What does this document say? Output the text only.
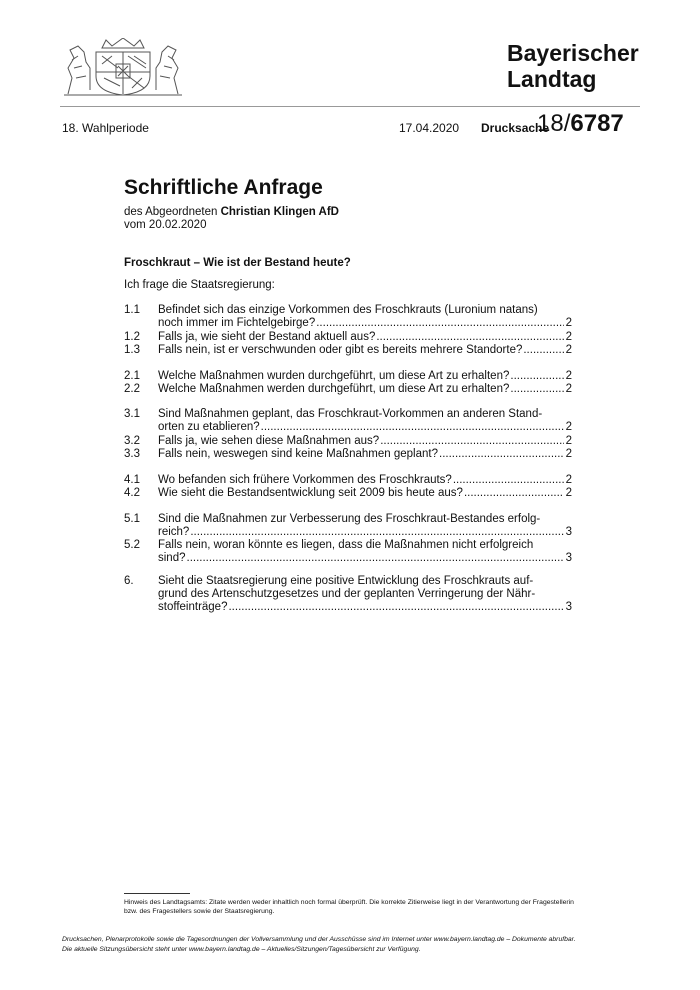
Bayerischer
Landtag
18. Wahlperiode	17.04.2020 Drucksache
18/6787
Schriftliche Anfrage
des Abgeordneten Christian Klingen AfD
vom 20.02.2020
Froschkraut – Wie ist der Bestand heute?
Ich frage die Staatsregierung:
1.1 Befindet sich das einzige Vorkommen des Froschkrauts (Luronium natans)
noch immer im Fichtelgebirge? .....	2
1.2 Falls ja, wie sieht der Bestand aktuell aus? .....	2
1.3 Falls nein, ist er verschwunden oder gibt es bereits mehrere Standorte? .....	2
2.1 Welche Maßnahmen wurden durchgeführt, um diese Art zu erhalten? .....	2
2.2 Welche Maßnahmen werden durchgeführt, um diese Art zu erhalten? .....	2
3.1 Sind Maßnahmen geplant, das Froschkraut-Vorkommen an anderen Stand-
orten zu etablieren? .....	2
3.2 Falls ja, wie sehen diese Maßnahmen aus? .....	2
3.3 Falls nein, weswegen sind keine Maßnahmen geplant? .....	2
4.1 Wo befanden sich frühere Vorkommen des Froschkrauts? .....	2
4.2 Wie sieht die Bestandsentwicklung seit 2009 bis heute aus? .....	2
5.1 Sind die Maßnahmen zur Verbesserung des Froschkraut-Bestandes erfolg-
reich? .....	3
5.2 Falls nein, woran könnte es liegen, dass die Maßnahmen nicht erfolgreich
sind? .....	3
6. Sieht die Staatsregierung eine positive Entwicklung des Froschkrauts auf-
grund des Artenschutzgesetzes und der geplanten Verringerung der Nähr-
stoffeinträge? .....	3
Hinweis des Landtagsamts: Zitate werden weder inhaltlich noch formal überprüft. Die korrekte Zitierweise liegt in der Verantwortung der Fragestellerin bzw. des Fragestellers sowie der Staatsregierung.
Drucksachen, Plenarprotokolle sowie die Tagesordnungen der Vollversammlung und der Ausschüsse sind im Internet unter www.bayern.landtag.de – Dokumente abrufbar.
Die aktuelle Sitzungsübersicht steht unter www.bayern.landtag.de – Aktuelles/Sitzungen/Tagesübersicht zur Verfügung.
